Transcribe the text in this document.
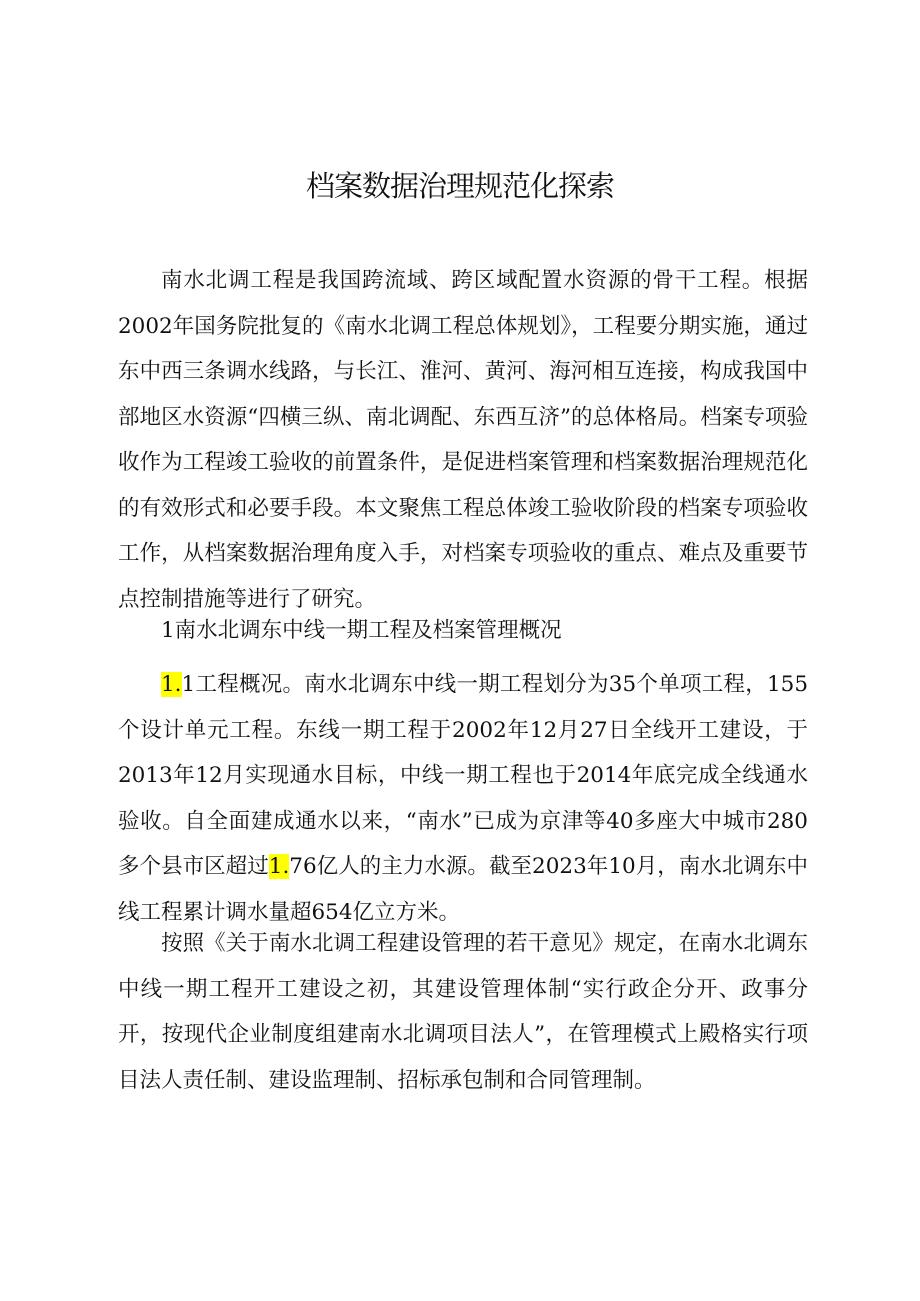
档案数据治理规范化探索

南水北调工程是我国跨流域、跨区域配置水资源的骨干工程。根据2002年国务院批复的《南水北调工程总体规划》，工程要分期实施，通过东中西三条调水线路，与长江、淮河、黄河、海河相互连接，构成我国中部地区水资源“四横三纵、南北调配、东西互济”的总体格局。档案专项验收作为工程竣工验收的前置条件，是促进档案管理和档案数据治理规范化的有效形式和必要手段。本文聚焦工程总体竣工验收阶段的档案专项验收工作，从档案数据治理角度入手，对档案专项验收的重点、难点及重要节点控制措施等进行了研究。

1南水北调东中线一期工程及档案管理概况

1.1工程概况。南水北调东中线一期工程划分为35个单项工程，155个设计单元工程。东线一期工程于2002年12月27日全线开工建设，于2013年12月实现通水目标，中线一期工程也于2014年底完成全线通水验收。自全面建成通水以来，“南水”已成为京津等40多座大中城市280多个县市区超过1.76亿人的主力水源。截至2023年10月，南水北调东中线工程累计调水量超654亿立方米。

按照《关于南水北调工程建设管理的若干意见》规定，在南水北调东中线一期工程开工建设之初，其建设管理体制“实行政企分开、政事分开，按现代企业制度组建南水北调项目法人”，在管理模式上殿格实行项目法人责任制、建设监理制、招标承包制和合同管理制。
